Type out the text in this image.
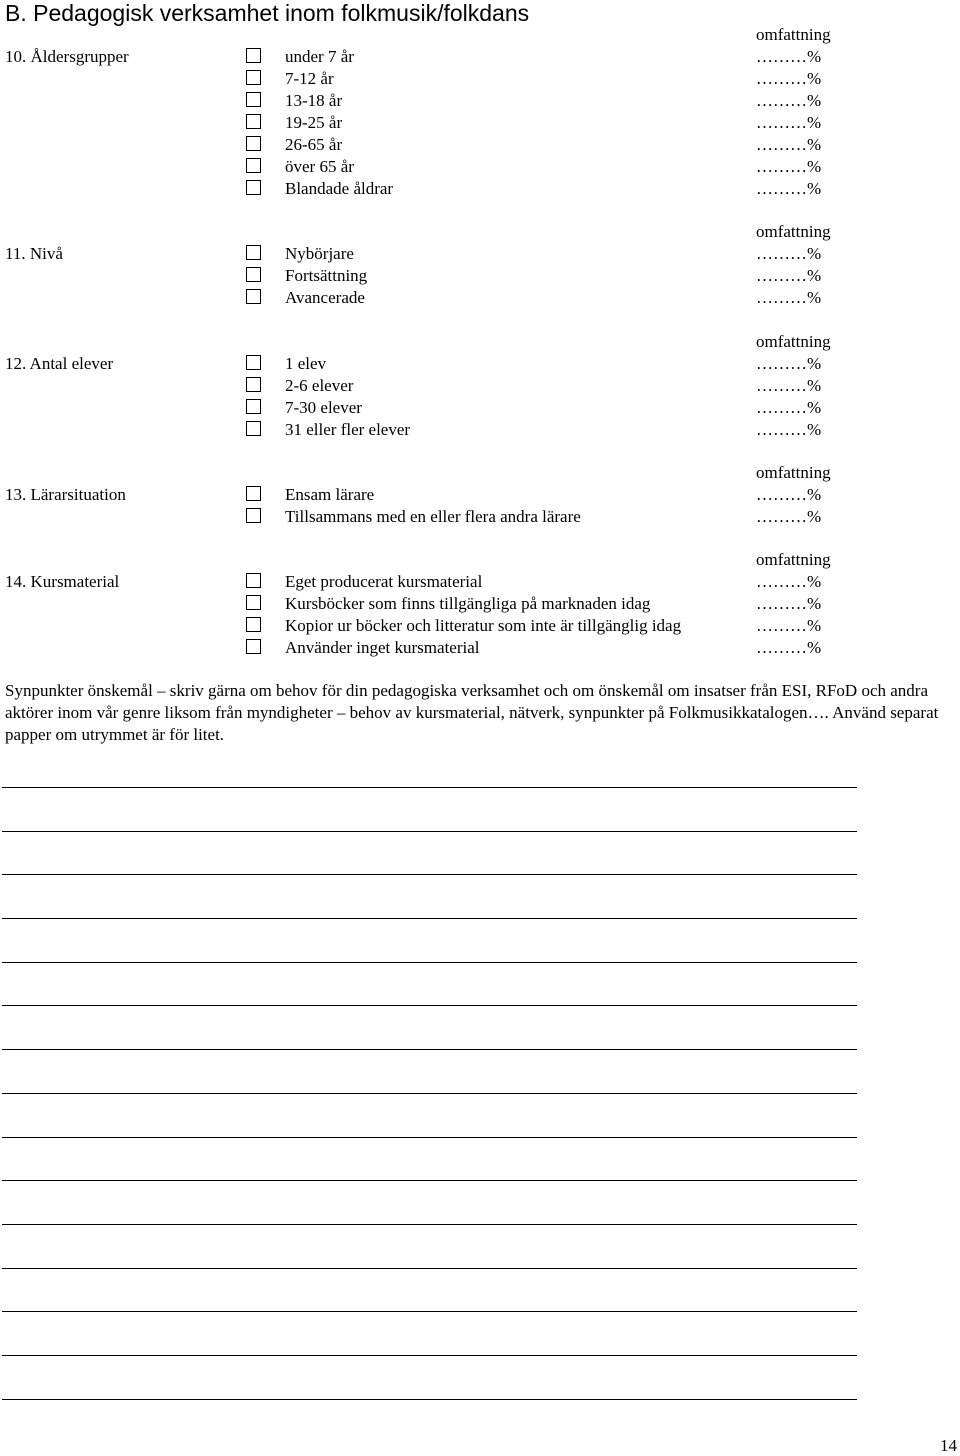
B. Pedagogisk verksamhet inom folkmusik/folkdans
omfattning
10. Åldersgrupper	under 7 år	………%
7-12 år	………%
13-18 år	………%
19-25 år	………%
26-65 år	………%
över 65 år	………%
Blandade åldrar	………%
omfattning
11. Nivå	Nybörjare	………%
Fortsättning	………%
Avancerade	………%
omfattning
12. Antal elever	1 elev	………%
2-6 elever	………%
7-30 elever	………%
31 eller fler elever	………%
omfattning
13. Lärarsituation	Ensam lärare	………%
Tillsammans med en eller flera andra lärare	………%
omfattning
14. Kursmaterial	Eget producerat kursmaterial	………%
Kursböcker som finns tillgängliga på marknaden idag	………%
Kopior ur böcker och litteratur som inte är tillgänglig idag	………%
Använder inget kursmaterial	………%
Synpunkter önskemål – skriv gärna om behov för din pedagogiska verksamhet och om önskemål om insatser från ESI, RFoD och andra aktörer inom vår genre liksom från myndigheter – behov av kursmaterial, nätverk, synpunkter på Folkmusikkatalogen…. Använd separat papper om utrymmet är för litet.
14
